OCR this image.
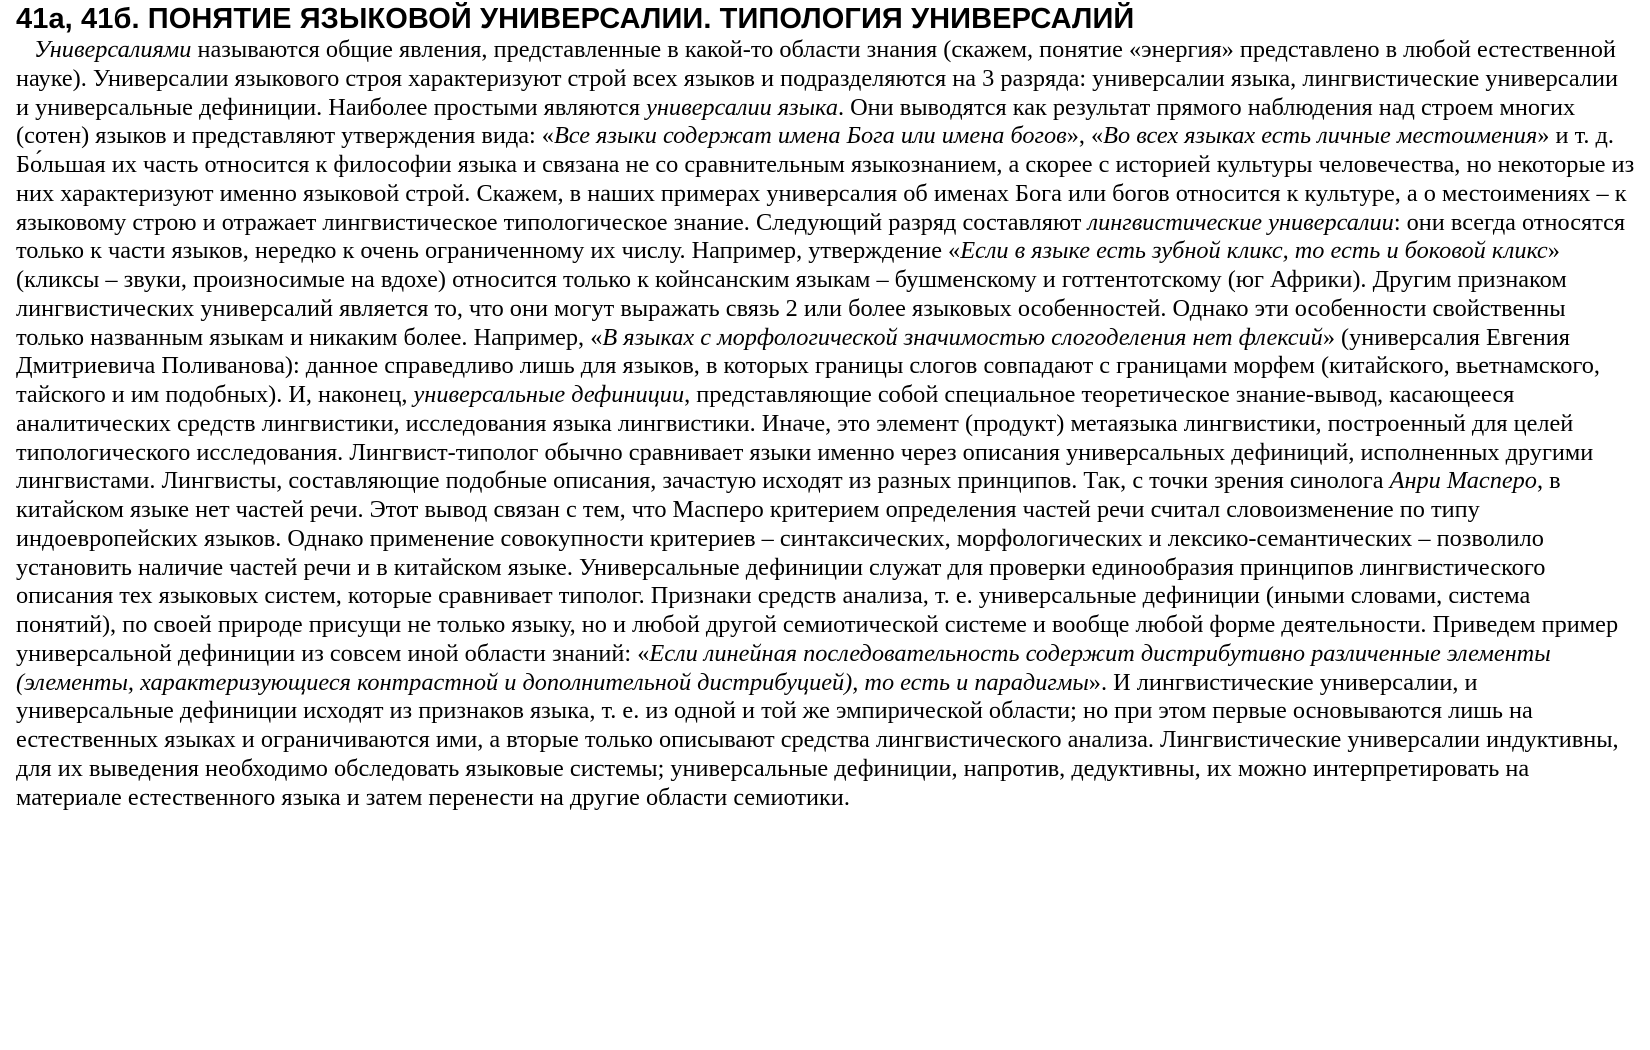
41а, 41б. ПОНЯТИЕ ЯЗЫКОВОЙ УНИВЕРСАЛИИ. ТИПОЛОГИЯ УНИВЕРСАЛИЙ

Универсалиями называются общие явления, представленные в какой-то области знания (скажем, понятие «энергия» представлено в любой естественной науке). Универсалии языкового строя характеризуют строй всех языков и подразделяются на 3 разряда: универсалии языка, лингвистические универсалии и универсальные дефиниции. Наиболее простыми являются универсалии языка. Они выводятся как результат прямого наблюдения над строем многих (сотен) языков и представляют утверждения вида: «Все языки содержат имена Бога или имена богов», «Во всех языках есть личные местоимения» и т. д. Бо́льшая их часть относится к философии языка и связана не со сравнительным языкознанием, а скорее с историей культуры человечества, но некоторые из них характеризуют именно языковой строй. Скажем, в наших примерах универсалия об именах Бога или богов относится к культуре, а о местоимениях – к языковому строю и отражает лингвистическое типологическое знание. Следующий разряд составляют лингвистические универсалии: они всегда относятся только к части языков, нередко к очень ограниченному их числу. Например, утверждение «Если в языке есть зубной кликс, то есть и боковой кликс» (кликсы – звуки, произносимые на вдохе) относится только к койнсанским языкам – бушменскому и готтентотскому (юг Африки). Другим признаком лингвистических универсалий является то, что они могут выражать связь 2 или более языковых особенностей. Однако эти особенности свойственны только названным языкам и никаким более. Например, «В языках с морфологической значимостью слогоделения нет флексий» (универсалия Евгения Дмитриевича Поливанова): данное справедливо лишь для языков, в которых границы слогов совпадают с границами морфем (китайского, вьетнамского, тайского и им подобных). И, наконец, универсальные дефиниции, представляющие собой специальное теоретическое знание-вывод, касающееся аналитических средств лингвистики, исследования языка лингвистики. Иначе, это элемент (продукт) метаязыка лингвистики, построенный для целей типологического исследования. Лингвист-типолог обычно сравнивает языки именно через описания универсальных дефиниций, исполненных другими лингвистами. Лингвисты, составляющие подобные описания, зачастую исходят из разных принципов. Так, с точки зрения синолога Анри Масперо, в китайском языке нет частей речи. Этот вывод связан с тем, что Масперо критерием определения частей речи считал словоизменение по типу индоевропейских языков. Однако применение совокупности критериев – синтаксических, морфологических и лексико-семантических – позволило установить наличие частей речи и в китайском языке. Универсальные дефиниции служат для проверки единообразия принципов лингвистического описания тех языковых систем, которые сравнивает типолог. Признаки средств анализа, т. е. универсальные дефиниции (иными словами, система понятий), по своей природе присущи не только языку, но и любой другой семиотической системе и вообще любой форме деятельности. Приведем пример универсальной дефиниции из совсем иной области знаний: «Если линейная последовательность содержит дистрибутивно различенные элементы (элементы, характеризующиеся контрастной и дополнительной дистрибуцией), то есть и парадигмы». И лингвистические универсалии, и универсальные дефиниции исходят из признаков языка, т. е. из одной и той же эмпирической области; но при этом первые основываются лишь на естественных языках и ограничиваются ими, а вторые только описывают средства лингвистического анализа. Лингвистические универсалии индуктивны, для их выведения необходимо обследовать языковые системы; универсальные дефиниции, напротив, дедуктивны, их можно интерпретировать на материале естественного языка и затем перенести на другие области семиотики.
